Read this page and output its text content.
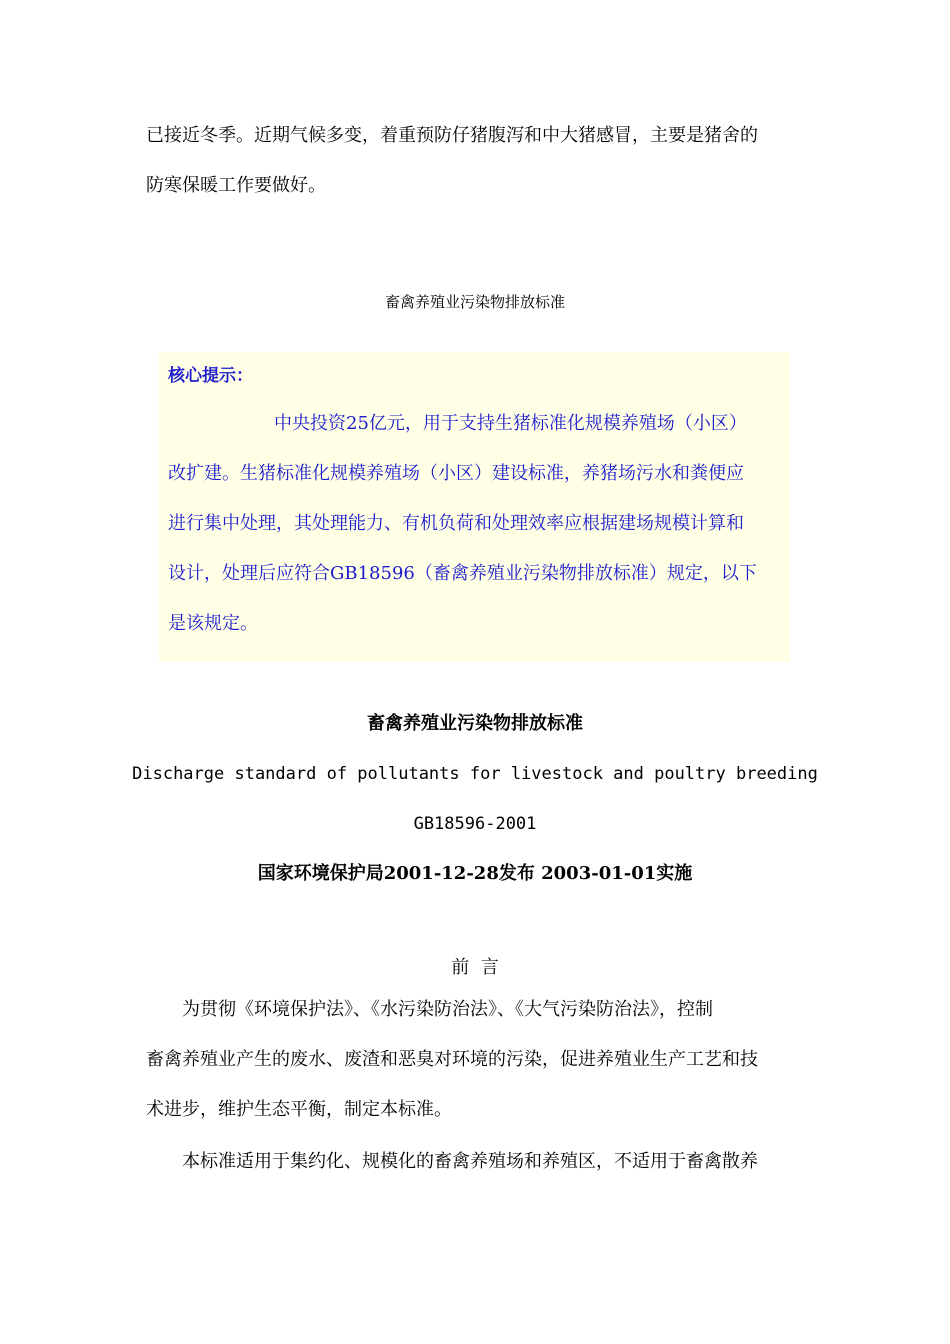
已接近冬季。近期气候多变，着重预防仔猪腹泻和中大猪感冒，主要是猪舍的
防寒保暖工作要做好。
畜禽养殖业污染物排放标准
核心提示：
中央投资25亿元，用于支持生猪标准化规模养殖场（小区）
改扩建。生猪标准化规模养殖场（小区）建设标准，养猪场污水和粪便应
进行集中处理，其处理能力、有机负荷和处理效率应根据建场规模计算和
设计，处理后应符合GB18596（畜禽养殖业污染物排放标准）规定，以下
是该规定。
畜禽养殖业污染物排放标准
Discharge standard of pollutants for livestock and poultry breeding
GB18596-2001
国家环境保护局2001-12-28发布 2003-01-01实施
前  言
为贯彻《环境保护法》、《水污染防治法》、《大气污染防治法》，控制
畜禽养殖业产生的废水、废渣和恶臭对环境的污染，促进养殖业生产工艺和技
术进步，维护生态平衡，制定本标准。
本标准适用于集约化、规模化的畜禽养殖场和养殖区，不适用于畜禽散养
